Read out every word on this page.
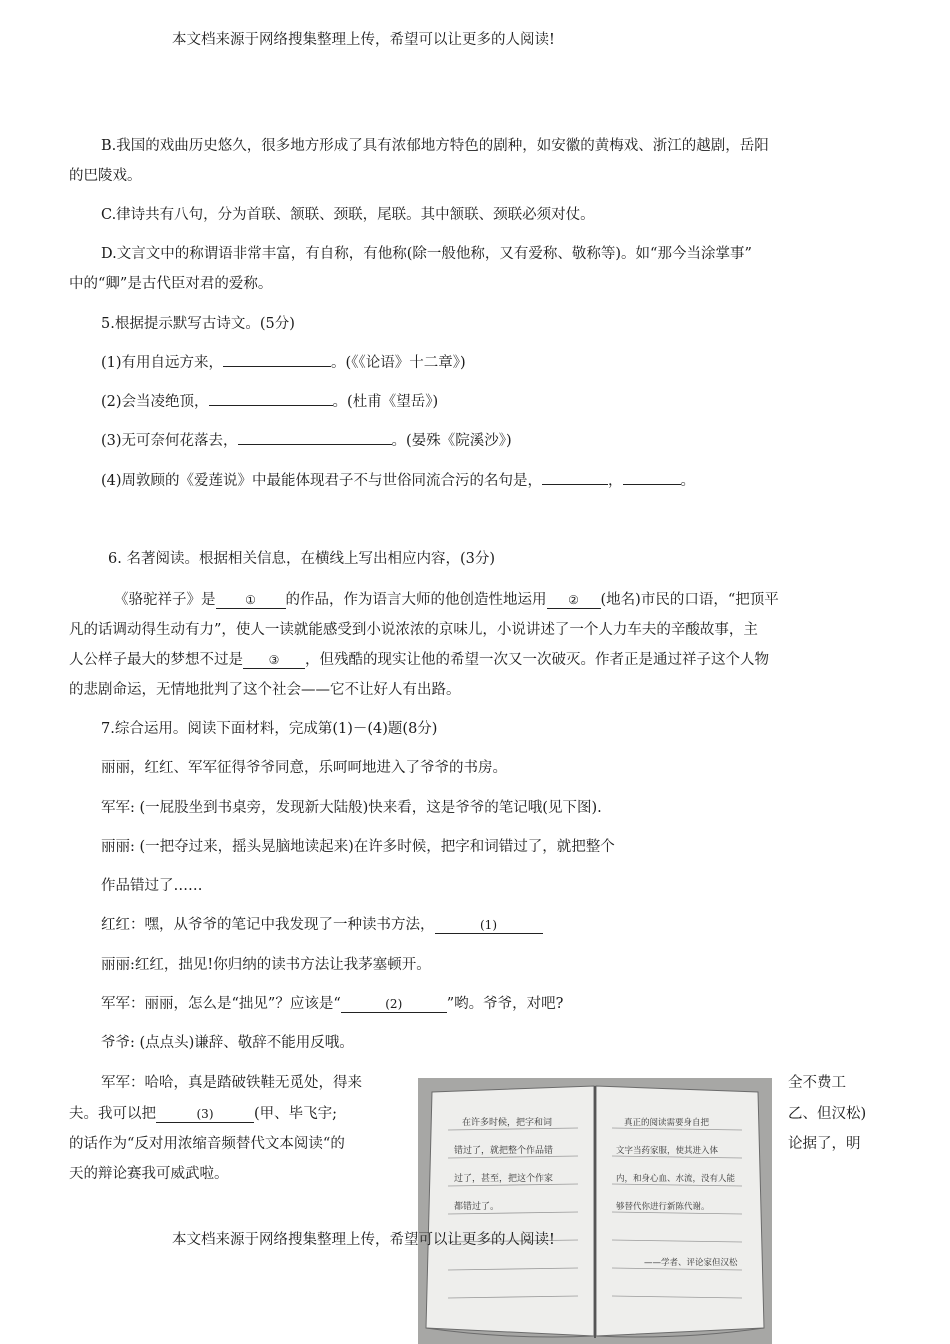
本文档来源于网络搜集整理上传，希望可以让更多的人阅读!
B.我国的戏曲历史悠久，很多地方形成了具有浓郁地方特色的剧种，如安徽的黄梅戏、浙江的越剧，岳阳
的巴陵戏。
C.律诗共有八句，分为首联、颔联、颈联，尾联。其中颔联、颈联必须对仗。
D.文言文中的称谓语非常丰富，有自称，有他称(除一般他称，又有爱称、敬称等)。如“那今当涂掌事”
中的“卿”是古代臣对君的爱称。
5.根据提示默写古诗文。(5分)
(1)有用自远方来，	。(《《论语》十二章》)
(2)会当凌绝顶，	。(杜甫《望岳》)
(3)无可奈何花落去，	。(晏殊《院溪沙》)
(4)周敦顾的《爱莲说》中最能体现君子不与世俗同流合污的名句是，	，	。
6. 名著阅读。根据相关信息，在横线上写出相应内容，(3分)
《骆驼祥子》是 ① 的作品，作为语言大师的他创造性地运用 ② (地名)市民的口语，“把顶平
凡的话调动得生动有力”，使人一读就能感受到小说浓浓的京味儿，小说讲述了一个人力车夫的辛酸故事，主
人公样子最大的梦想不过是 ③ ，但残酷的现实让他的希望一次又一次破灭。作者正是通过祥子这个人物
的悲剧命运，无情地批判了这个社会——它不让好人有出路。
7.综合运用。阅读下面材料，完成第(1)－(4)题(8分)
丽丽，红红、军军征得爷爷同意，乐呵呵地进入了爷爷的书房。
军军: (一屁股坐到书桌旁，发现新大陆般)快来看，这是爷爷的笔记哦(见下图).
丽丽: (一把夺过来，摇头晃脑地读起来)在许多时候，把字和词错过了，就把整个
作品错过了……
红红：嘿，从爷爷的笔记中我发现了一种读书方法，	(1)
丽丽:红红，拙见!你归纳的读书方法让我茅塞顿开。
军军：丽丽，怎么是“拙见”？应该是“	(2)	”哟。爷爷，对吧?
爷爷: (点点头)谦辞、敬辞不能用反哦。
军军：哈哈，真是踏破铁鞋无觅处，得来	全不费工
夫。我可以把	(3)	(甲、毕飞宇;	乙、但汉松)
的话作为“反对用浓缩音频替代文本阅读“的	论据了，明
天的辩论赛我可威武啦。
在许多时候，把字和词
错过了，就把整个作品错
过了，甚至，把这个作家
都错过了。
真正的阅读需要身自把
文字当药家服，使其进入体
内，和身心血、水流，没有人能
够替代你进行新陈代谢。
——学者、评论家但汉松
本文档来源于网络搜集整理上传，希望可以让更多的人阅读!
